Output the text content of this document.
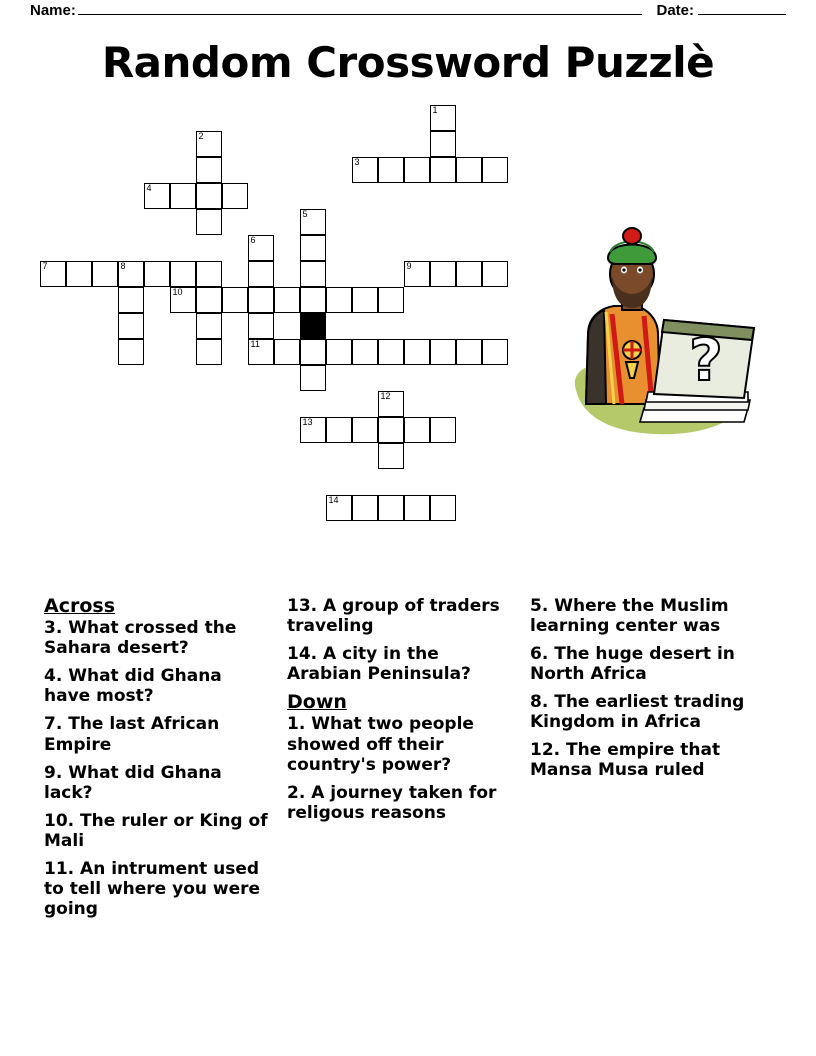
Name:	Date:
Random Crossword Puzzlè
1
2
3
4
5
6
7	8	9
10
11
12
13
14
?
Across
3. What crossed the Sahara desert?
4. What did Ghana have most?
7. The last African Empire
9. What did Ghana lack?
10. The ruler or King of Mali
11. An intrument used to tell where you were going
13. A group of traders traveling
14. A city in the Arabian Peninsula?
Down
1. What two people showed off their country's power?
2. A journey taken for religous reasons
5. Where the Muslim learning center was
6. The huge desert in North Africa
8. The earliest trading Kingdom in Africa
12. The empire that Mansa Musa ruled
